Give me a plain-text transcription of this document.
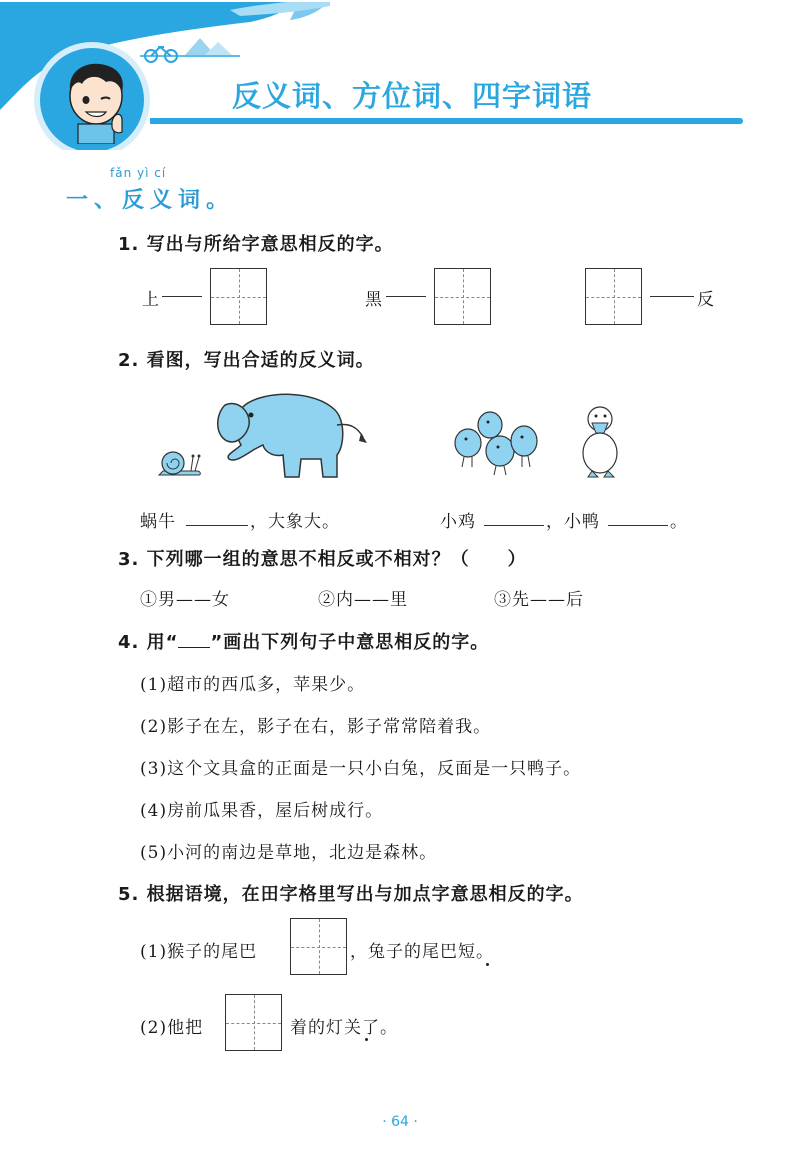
反义词、方位词、四字词语
fǎn yì cí
一、反义词。
1. 写出与所给字意思相反的字。
上	黑	反
2. 看图，写出合适的反义词。
蜗牛	，大象大。	小鸡	，小鸭	。
3. 下列哪一组的意思不相反或不相对？（　　）
①男——女	②内——里	③先——后
4. 用“ ”画出下列句子中意思相反的字。
(1)超市的西瓜多，苹果少。
(2)影子在左，影子在右，影子常常陪着我。
(3)这个文具盒的正面是一只小白兔，反面是一只鸭子。
(4)房前瓜果香，屋后树成行。
(5)小河的南边是草地，北边是森林。
5. 根据语境，在田字格里写出与加点字意思相反的字。
(1)猴子的尾巴	，兔子的尾巴短。
(2)他把	着的灯关了。
· 64 ·
